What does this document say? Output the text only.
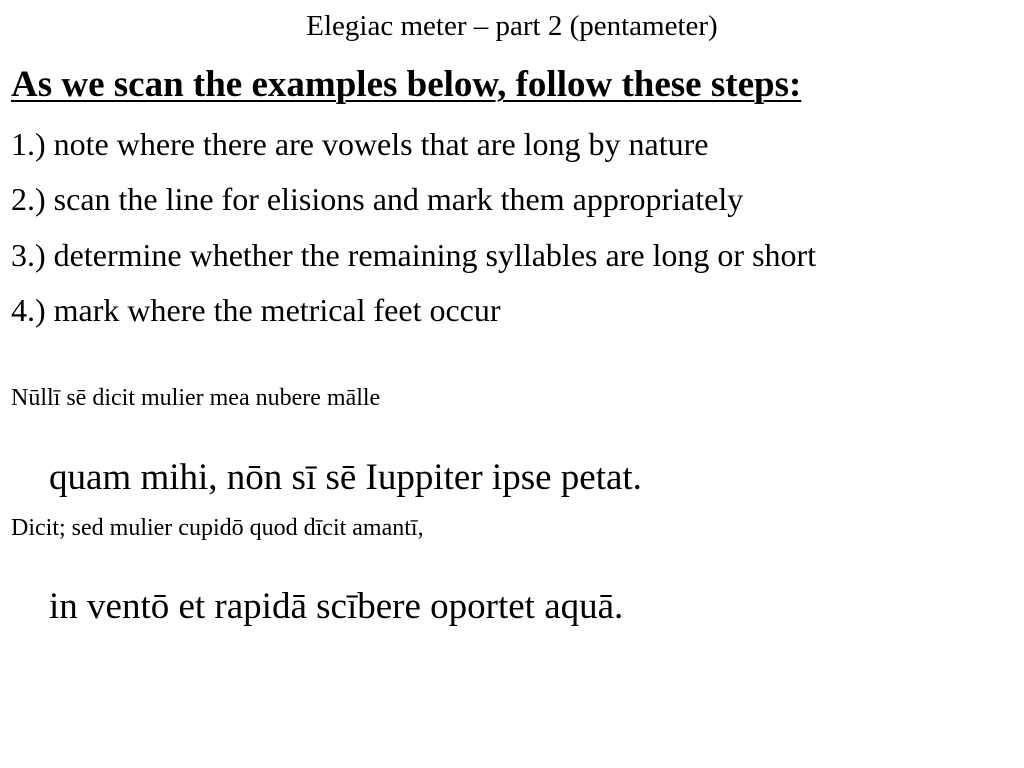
Elegiac meter – part 2 (pentameter)
As we scan the examples below, follow these steps:
1.) note where there are vowels that are long by nature
2.) scan the line for elisions and mark them appropriately
3.) determine whether the remaining syllables are long or short
4.) mark where the metrical feet occur
Nūllī sē dicit mulier mea nubere mālle
quam mihi, nōn sī sē Iuppiter ipse petat.
Dicit; sed mulier cupidō quod dīcit amantī,
in ventō et rapidā scībere oportet aquā.
